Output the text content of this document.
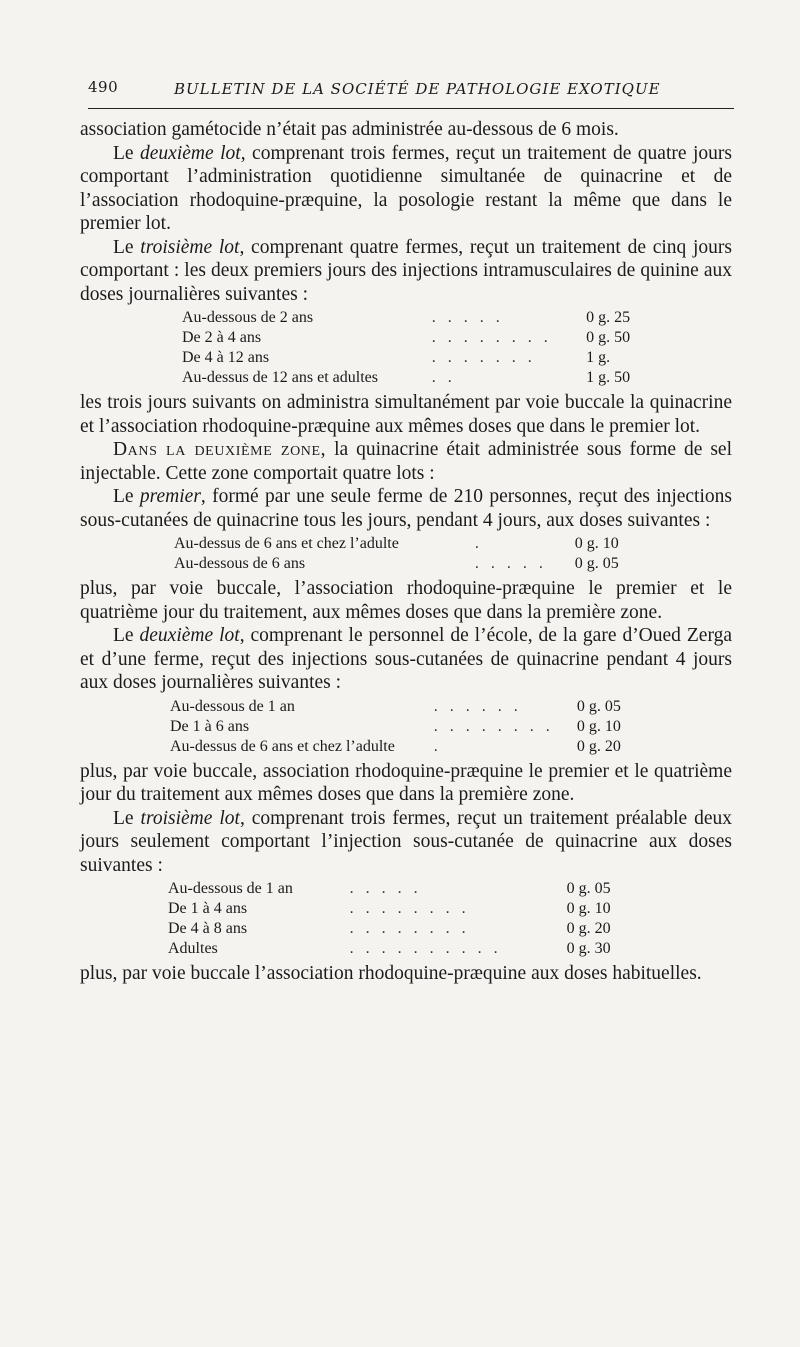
490	BULLETIN DE LA SOCIÉTÉ DE PATHOLOGIE EXOTIQUE

association gamétocide n’était pas administrée au-dessous de 6 mois.

Le deuxième lot, comprenant trois fermes, reçut un traitement de quatre jours comportant l’administration quotidienne simultanée de quinacrine et de l’association rhodoquine-præquine, la posologie restant la même que dans le premier lot.

Le troisième lot, comprenant quatre fermes, reçut un traitement de cinq jours comportant : les deux premiers jours des injections intramusculaires de quinine aux doses journalières suivantes :

Au-dessous de 2 ans	. . . . .	0 g. 25
De 2 à 4 ans	. . . . . . . .	0 g. 50
De 4 à 12 ans	. . . . . . .	1 g.
Au-dessus de 12 ans et adultes	. .	1 g. 50

les trois jours suivants on administra simultanément par voie buccale la quinacrine et l’association rhodoquine-præquine aux mêmes doses que dans le premier lot.

Dans la deuxième zone, la quinacrine était administrée sous forme de sel injectable. Cette zone comportait quatre lots :

Le premier, formé par une seule ferme de 210 personnes, reçut des injections sous-cutanées de quinacrine tous les jours, pendant 4 jours, aux doses suivantes :

Au-dessus de 6 ans et chez l’adulte	.	0 g. 10
Au-dessous de 6 ans	. . . . .	0 g. 05

plus, par voie buccale, l’association rhodoquine-præquine le premier et le quatrième jour du traitement, aux mêmes doses que dans la première zone.

Le deuxième lot, comprenant le personnel de l’école, de la gare d’Oued Zerga et d’une ferme, reçut des injections sous-cutanées de quinacrine pendant 4 jours aux doses journalières suivantes :

Au-dessous de 1 an	. . . . . .	0 g. 05
De 1 à 6 ans	. . . . . . . .	0 g. 10
Au-dessus de 6 ans et chez l’adulte	.	0 g. 20

plus, par voie buccale, association rhodoquine-præquine le premier et le quatrième jour du traitement aux mêmes doses que dans la première zone.

Le troisième lot, comprenant trois fermes, reçut un traitement préalable deux jours seulement comportant l’injection sous-cutanée de quinacrine aux doses suivantes :

Au-dessous de 1 an	. . . . .	0 g. 05
De 1 à 4 ans	. . . . . . . .	0 g. 10
De 4 à 8 ans	. . . . . . . .	0 g. 20
Adultes	. . . . . . . . . .	0 g. 30

plus, par voie buccale l’association rhodoquine-præquine aux doses habituelles.
